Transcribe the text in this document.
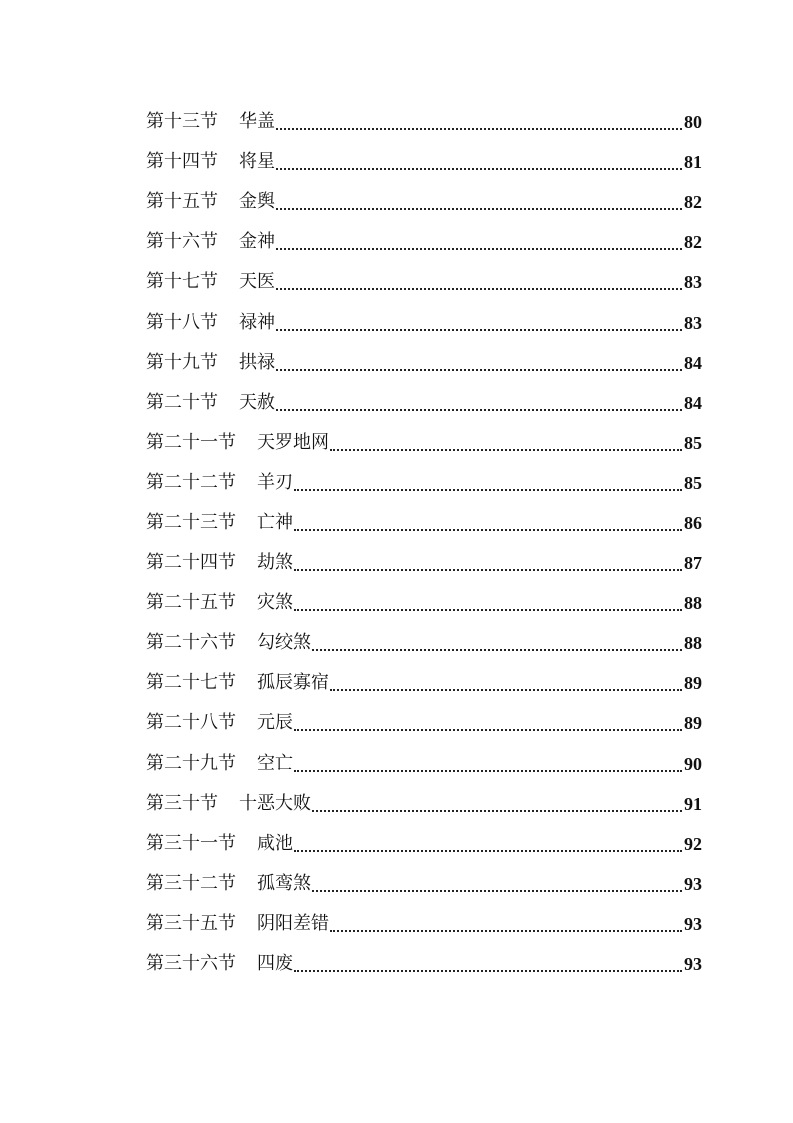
第十三节 华盖	80
第十四节 将星	81
第十五节 金舆	82
第十六节 金神	82
第十七节 天医	83
第十八节 禄神	83
第十九节 拱禄	84
第二十节 天赦	84
第二十一节 天罗地网	85
第二十二节 羊刃	85
第二十三节 亡神	86
第二十四节 劫煞	87
第二十五节 灾煞	88
第二十六节 勾绞煞	88
第二十七节 孤辰寡宿	89
第二十八节 元辰	89
第二十九节 空亡	90
第三十节 十恶大败	91
第三十一节 咸池	92
第三十二节 孤鸾煞	93
第三十五节 阴阳差错	93
第三十六节 四废	93
